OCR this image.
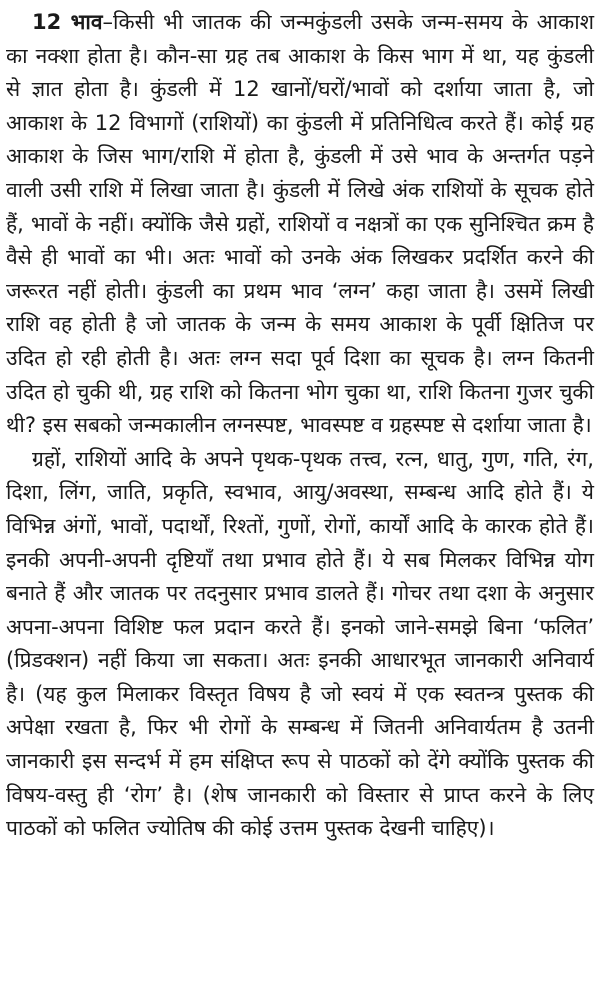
12 भाव–किसी भी जातक की जन्मकुंडली उसके जन्म-समय के आकाश का नक्शा होता है। कौन-सा ग्रह तब आकाश के किस भाग में था, यह कुंडली से ज्ञात होता है। कुंडली में 12 खानों/घरों/भावों को दर्शाया जाता है, जो आकाश के 12 विभागों (राशियों) का कुंडली में प्रतिनिधित्व करते हैं। कोई ग्रह आकाश के जिस भाग/राशि में होता है, कुंडली में उसे भाव के अन्तर्गत पड़ने वाली उसी राशि में लिखा जाता है। कुंडली में लिखे अंक राशियों के सूचक होते हैं, भावों के नहीं। क्योंकि जैसे ग्रहों, राशियों व नक्षत्रों का एक सुनिश्चित क्रम है वैसे ही भावों का भी। अतः भावों को उनके अंक लिखकर प्रदर्शित करने की जरूरत नहीं होती। कुंडली का प्रथम भाव ‘लग्न’ कहा जाता है। उसमें लिखी राशि वह होती है जो जातक के जन्म के समय आकाश के पूर्वी क्षितिज पर उदित हो रही होती है। अतः लग्न सदा पूर्व दिशा का सूचक है। लग्न कितनी उदित हो चुकी थी, ग्रह राशि को कितना भोग चुका था, राशि कितना गुजर चुकी थी? इस सबको जन्मकालीन लग्नस्पष्ट, भावस्पष्ट व ग्रहस्पष्ट से दर्शाया जाता है।

ग्रहों, राशियों आदि के अपने पृथक-पृथक तत्त्व, रत्न, धातु, गुण, गति, रंग, दिशा, लिंग, जाति, प्रकृति, स्वभाव, आयु/अवस्था, सम्बन्ध आदि होते हैं। ये विभिन्न अंगों, भावों, पदार्थों, रिश्तों, गुणों, रोगों, कार्यों आदि के कारक होते हैं। इनकी अपनी-अपनी दृष्टियाँ तथा प्रभाव होते हैं। ये सब मिलकर विभिन्न योग बनाते हैं और जातक पर तदनुसार प्रभाव डालते हैं। गोचर तथा दशा के अनुसार अपना-अपना विशिष्ट फल प्रदान करते हैं। इनको जाने-समझे बिना ‘फलित’ (प्रिडक्शन) नहीं किया जा सकता। अतः इनकी आधारभूत जानकारी अनिवार्य है। (यह कुल मिलाकर विस्तृत विषय है जो स्वयं में एक स्वतन्त्र पुस्तक की अपेक्षा रखता है, फिर भी रोगों के सम्बन्ध में जितनी अनिवार्यतम है उतनी जानकारी इस सन्दर्भ में हम संक्षिप्त रूप से पाठकों को देंगे क्योंकि पुस्तक की विषय-वस्तु ही ‘रोग’ है। (शेष जानकारी को विस्तार से प्राप्त करने के लिए पाठकों को फलित ज्योतिष की कोई उत्तम पुस्तक देखनी चाहिए)।
